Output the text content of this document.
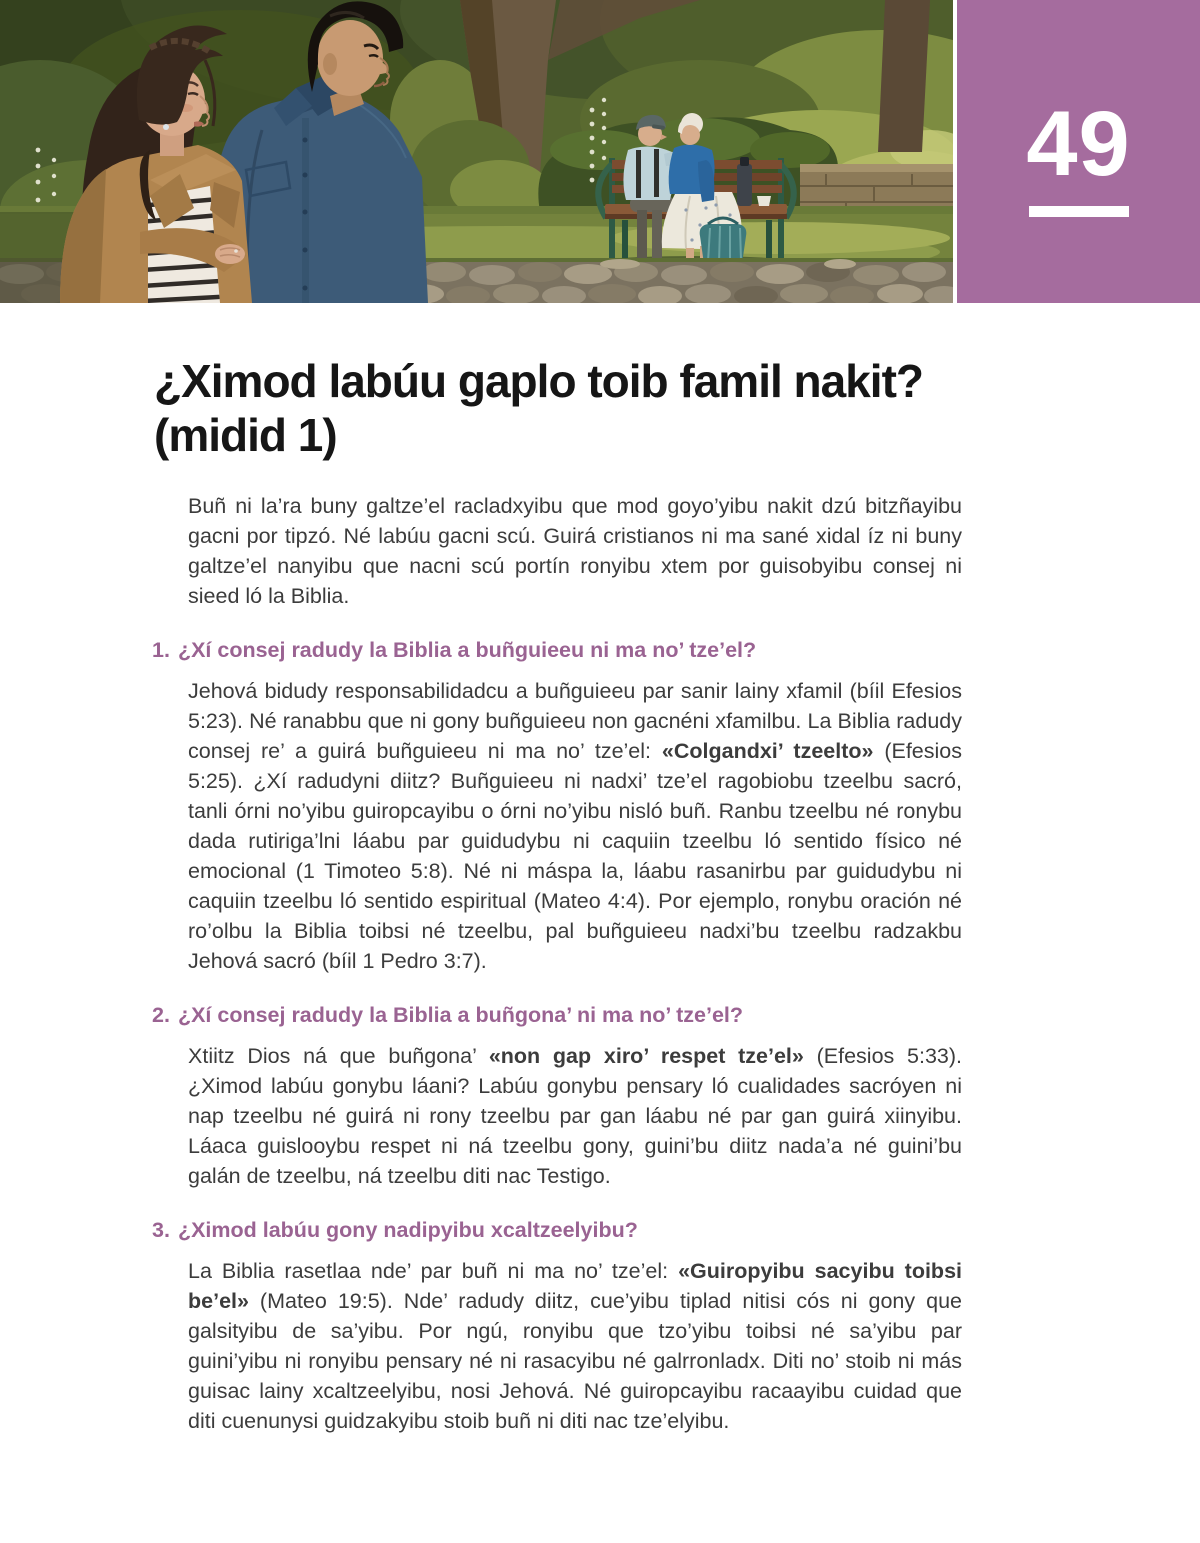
49
¿Ximod labúu gaplo toib famil nakit? (midid 1)

Buñ ni la’ra buny galtze’el racladxyibu que mod goyo’yibu nakit dzú bitzñayibu gacni por tipzó. Né labúu gacni scú. Guirá cristianos ni ma sané xidal íz ni buny galtze’el nanyibu que nacni scú portín ronyibu xtem por guisobyibu consej ni sieed ló la Biblia.

1. ¿Xí consej radudy la Biblia a buñguieeu ni ma no’ tze’el?

Jehová bidudy responsabilidadcu a buñguieeu par sanir lainy xfamil (bíil Efesios 5:23). Né ranabbu que ni gony buñguieeu non gacnéni xfamilbu. La Biblia radudy consej re’ a guirá buñguieeu ni ma no’ tze’el: «Colgandxi’ tzeelto» (Efesios 5:25). ¿Xí radudyni diitz? Buñguieeu ni nadxi’ tze’el ragobiobu tzeelbu sacró, tanli órni no’yibu guiropcayibu o órni no’yibu nisló buñ. Ranbu tzeelbu né ronybu dada rutiriga’lni láabu par guidudybu ni caquiin tzeelbu ló sentido físico né emocional (1 Timoteo 5:8). Né ni máspa la, láabu rasanirbu par guidudybu ni caquiin tzeelbu ló sentido espiritual (Mateo 4:4). Por ejemplo, ronybu oración né ro’olbu la Biblia toibsi né tzeelbu, pal buñguieeu nadxi’bu tzeelbu radzakbu Jehová sacró (bíil 1 Pedro 3:7).

2. ¿Xí consej radudy la Biblia a buñgona’ ni ma no’ tze’el?

Xtiitz Dios ná que buñgona’ «non gap xiro’ respet tze’el» (Efesios 5:33). ¿Ximod labúu gonybu láani? Labúu gonybu pensary ló cualidades sacróyen ni nap tzeelbu né guirá ni rony tzeelbu par gan láabu né par gan guirá xiinyibu. Láaca guislooybu respet ni ná tzeelbu gony, guini’bu diitz nada’a né guini’bu galán de tzeelbu, ná tzeelbu diti nac Testigo.

3. ¿Ximod labúu gony nadipyibu xcaltzeelyibu?

La Biblia rasetlaa nde’ par buñ ni ma no’ tze’el: «Guiropyibu sacyibu toibsi be’el» (Mateo 19:5). Nde’ radudy diitz, cue’yibu tiplad nitisi cós ni gony que galsityibu de sa’yibu. Por ngú, ronyibu que tzo’yibu toibsi né sa’yibu par guini’yibu ni ronyibu pensary né ni rasacyibu né galrronladx. Diti no’ stoib ni más guisac lainy xcaltzeelyibu, nosi Jehová. Né guiropcayibu racaayibu cuidad que diti cuenunysi guidzakyibu stoib buñ ni diti nac tze’elyibu.
